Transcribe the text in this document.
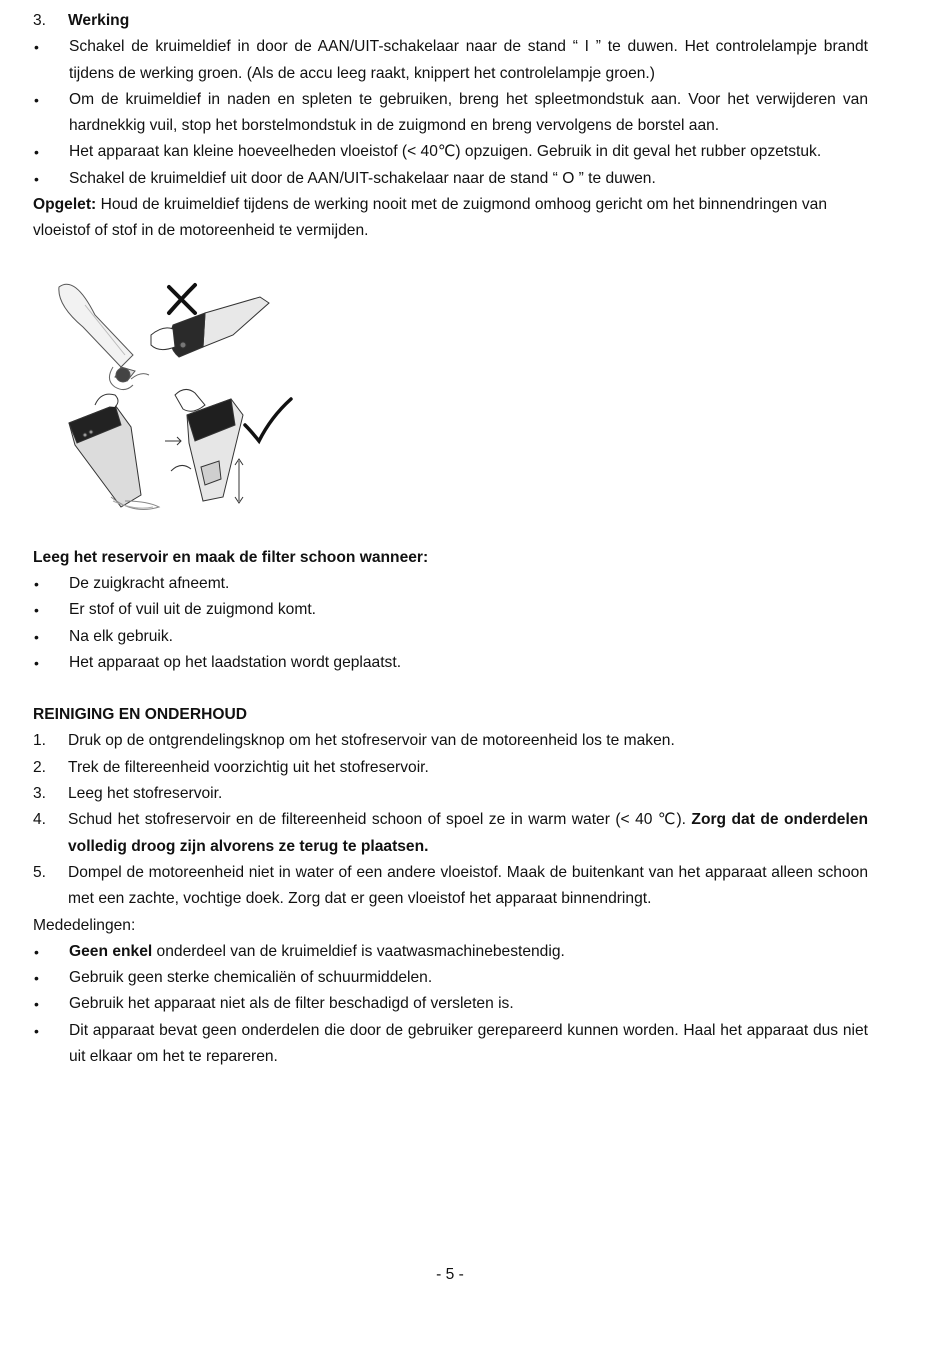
3.	Werking
•	Schakel de kruimeldief in door de AAN/UIT-schakelaar naar de stand “ I ” te duwen. Het controlelampje brandt tijdens de werking groen. (Als de accu leeg raakt, knippert het controlelampje groen.)
•	Om de kruimeldief in naden en spleten te gebruiken, breng het spleetmondstuk aan. Voor het verwijderen van hardnekkig vuil, stop het borstelmondstuk in de zuigmond en breng vervolgens de borstel aan.
•	Het apparaat kan kleine hoeveelheden vloeistof (< 40℃) opzuigen. Gebruik in dit geval het rubber opzetstuk.
•	Schakel de kruimeldief uit door de AAN/UIT-schakelaar naar de stand “ O ” te duwen.

Opgelet: Houd de kruimeldief tijdens de werking nooit met de zuigmond omhoog gericht om het binnendringen van vloeistof of stof in de motoreenheid te vermijden.

Leeg het reservoir en maak de filter schoon wanneer:

•	De zuigkracht afneemt.
•	Er stof of vuil uit de zuigmond komt.
•	Na elk gebruik.
•	Het apparaat op het laadstation wordt geplaatst.

REINIGING EN ONDERHOUD

1.	Druk op de ontgrendelingsknop om het stofreservoir van de motoreenheid los te maken.
2.	Trek de filtereenheid voorzichtig uit het stofreservoir.
3.	Leeg het stofreservoir.
4.	Schud het stofreservoir en de filtereenheid schoon of spoel ze in warm water (< 40 ℃). Zorg dat de onderdelen volledig droog zijn alvorens ze terug te plaatsen.
5.	Dompel de motoreenheid niet in water of een andere vloeistof. Maak de buitenkant van het apparaat alleen schoon met een zachte, vochtige doek. Zorg dat er geen vloeistof het apparaat binnendringt.

Mededelingen:

•	Geen enkel onderdeel van de kruimeldief is vaatwasmachinebestendig.
•	Gebruik geen sterke chemicaliën of schuurmiddelen.
•	Gebruik het apparaat niet als de filter beschadigd of versleten is.
•	Dit apparaat bevat geen onderdelen die door de gebruiker gerepareerd kunnen worden. Haal het apparaat dus niet uit elkaar om het te repareren.
- 5 -
